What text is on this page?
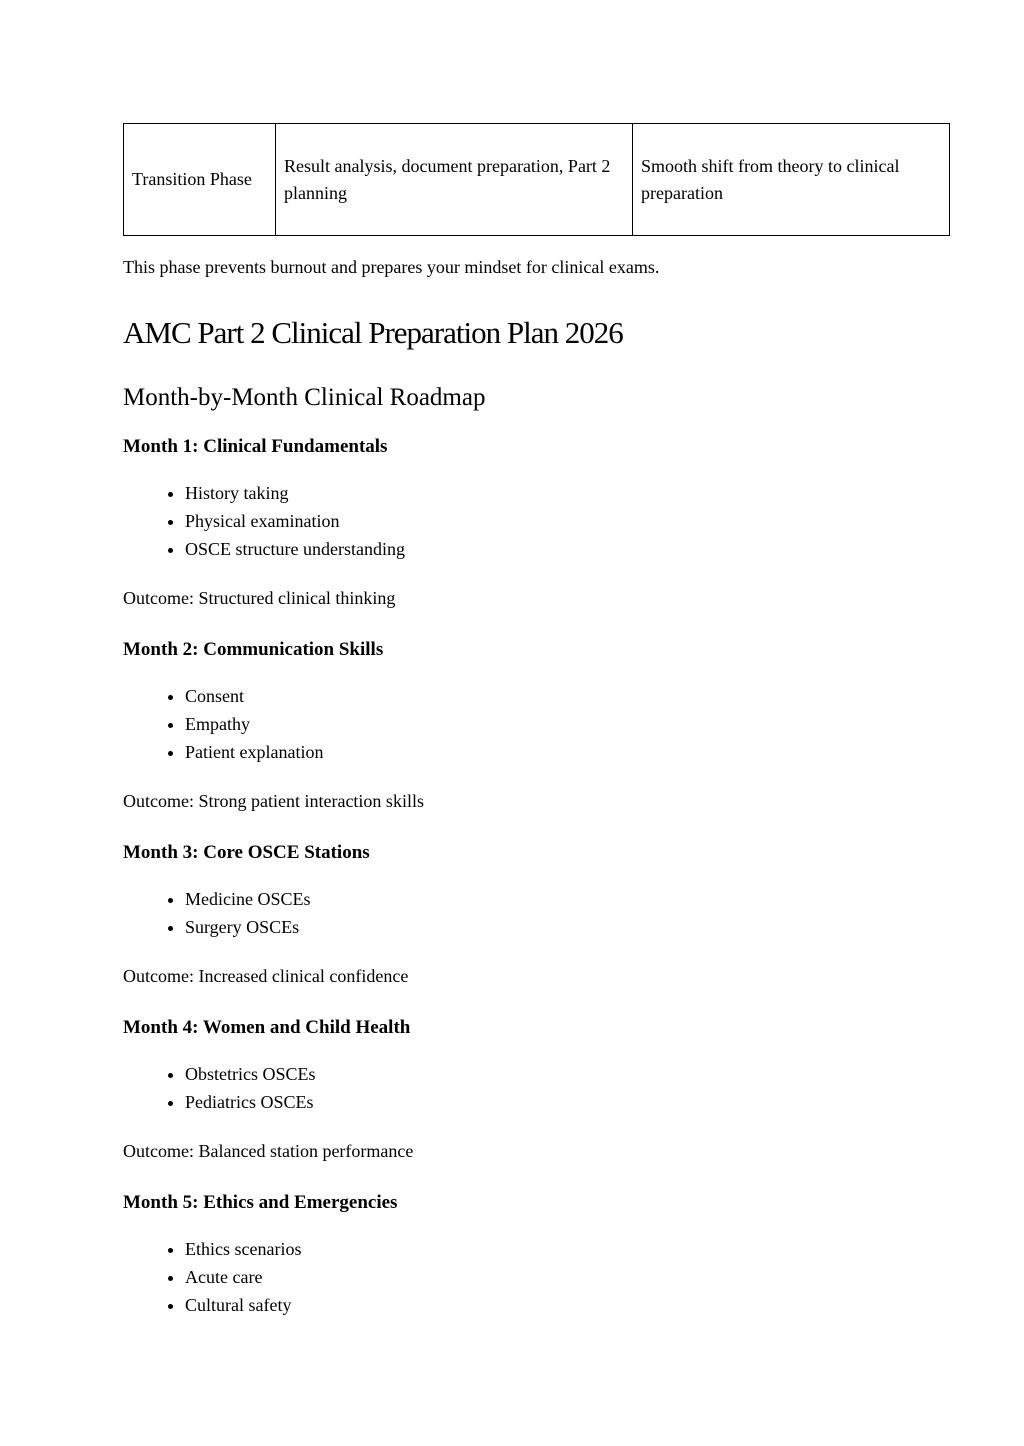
Transition Phase	Result analysis, document preparation, Part 2 planning	Smooth shift from theory to clinical preparation

This phase prevents burnout and prepares your mindset for clinical exams.

AMC Part 2 Clinical Preparation Plan 2026
Month-by-Month Clinical Roadmap
Month 1: Clinical Fundamentals
• History taking
• Physical examination
• OSCE structure understanding

Outcome: Structured clinical thinking

Month 2: Communication Skills
• Consent
• Empathy
• Patient explanation

Outcome: Strong patient interaction skills

Month 3: Core OSCE Stations
• Medicine OSCEs
• Surgery OSCEs

Outcome: Increased clinical confidence

Month 4: Women and Child Health
• Obstetrics OSCEs
• Pediatrics OSCEs

Outcome: Balanced station performance

Month 5: Ethics and Emergencies
• Ethics scenarios
• Acute care
• Cultural safety
